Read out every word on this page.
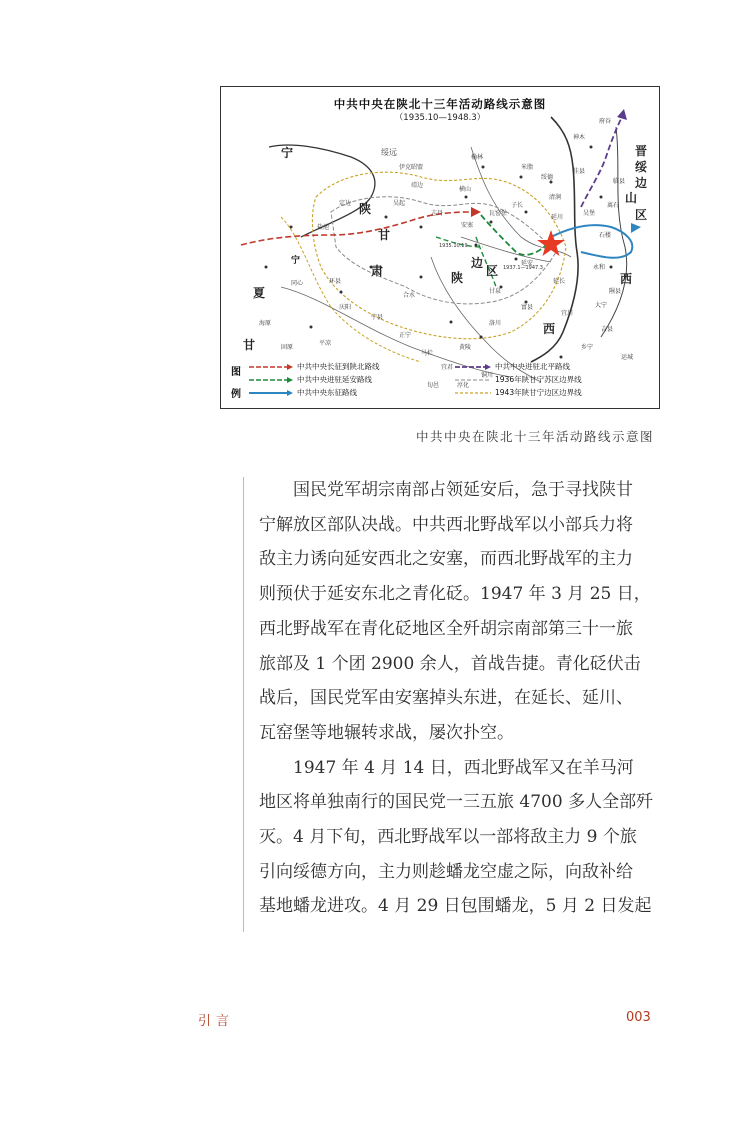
宁
夏
甘
陕
甘
肃
边
陕 区
西
山
西
晋
绥
边
区
绥远
宁
1935.10.19
1937.1—1947.3
伊克昭盟
榆林
横山
米脂
绥德
清涧
子长
瓦窑堡
安塞
延安
甘泉
富县
宜川
延长
延川
志丹
吴起
定边
靖边
环县
庆阳
合水
宁县
正宁
洛川
黄陵
宜君
铜川
马栏
淳化
旬邑
府谷
神木
佳县
吴堡
临县
离石
石楼
永和
隰县
大宁
吉县
乡宁
运城
固原
海原
同心
盐池
平凉
中共中央在陕北十三年活动路线示意图
（1935.10—1948.3）
图
例
中共中央长征到陕北路线
中共中央进驻延安路线
中共中央东征路线
中共中央进驻北平路线
1936年陕甘宁苏区边界线
1943年陕甘宁边区边界线
中共中央在陕北十三年活动路线示意图

　　国民党军胡宗南部占领延安后，急于寻找陕甘
宁解放区部队决战。中共西北野战军以小部兵力将
敌主力诱向延安西北之安塞，而西北野战军的主力
则预伏于延安东北之青化砭。1947 年 3 月 25 日，
西北野战军在青化砭地区全歼胡宗南部第三十一旅
旅部及 1 个团 2900 余人，首战告捷。青化砭伏击
战后，国民党军由安塞掉头东进，在延长、延川、
瓦窑堡等地辗转求战，屡次扑空。

　　1947 年 4 月 14 日，西北野战军又在羊马河
地区将单独南行的国民党一三五旅 4700 多人全部歼
灭。4 月下旬，西北野战军以一部将敌主力 9 个旅
引向绥德方向，主力则趁蟠龙空虚之际，向敌补给
基地蟠龙进攻。4 月 29 日包围蟠龙，5 月 2 日发起

引言	003
